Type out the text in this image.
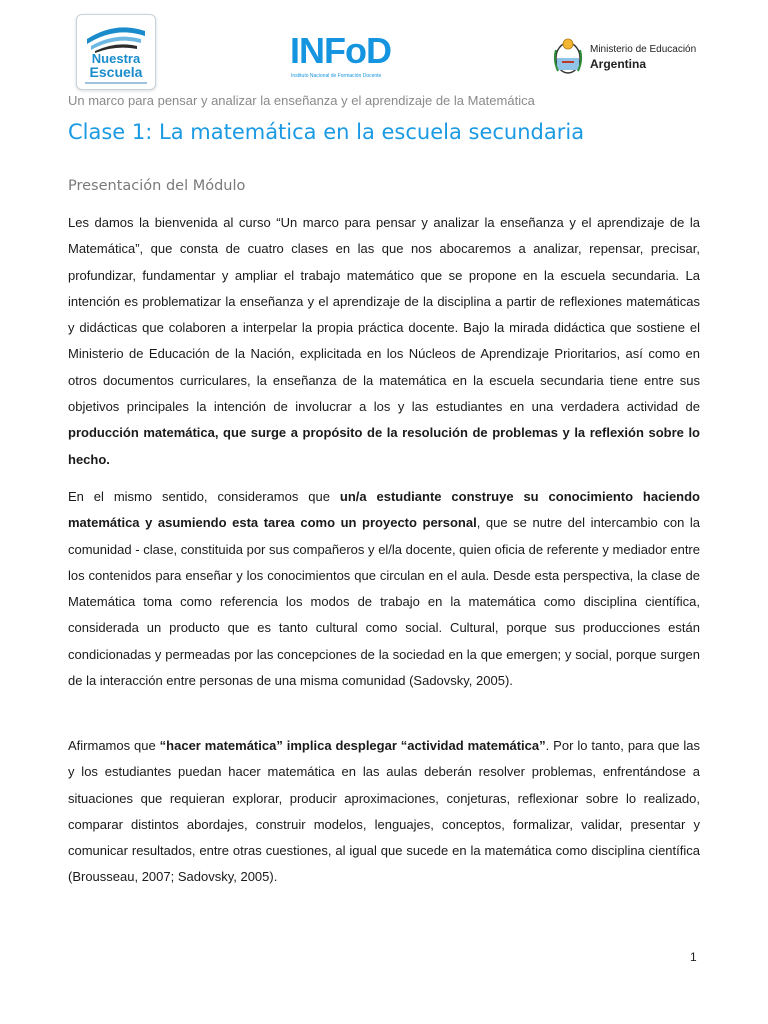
Nuestra
Escuela
INFoD
Instituto Nacional de Formación Docente
Ministerio de Educación
Argentina
Un marco para pensar y analizar la enseñanza y el aprendizaje de la Matemática
Clase 1: La matemática en la escuela secundaria
Presentación del Módulo
Les damos la bienvenida al curso “Un marco para pensar y analizar la enseñanza y el aprendizaje de la Matemática”, que consta de cuatro clases en las que nos abocaremos a analizar, repensar, precisar, profundizar, fundamentar y ampliar el trabajo matemático que se propone en la escuela secundaria. La intención es problematizar la enseñanza y el aprendizaje de la disciplina a partir de reflexiones matemáticas y didácticas que colaboren a interpelar la propia práctica docente. Bajo la mirada didáctica que sostiene el Ministerio de Educación de la Nación, explicitada en los Núcleos de Aprendizaje Prioritarios, así como en otros documentos curriculares, la enseñanza de la matemática en la escuela secundaria tiene entre sus objetivos principales la intención de involucrar a los y las estudiantes en una verdadera actividad de producción matemática, que surge a propósito de la resolución de problemas y la reflexión sobre lo hecho.
En el mismo sentido, consideramos que un/a estudiante construye su conocimiento haciendo matemática y asumiendo esta tarea como un proyecto personal, que se nutre del intercambio con la comunidad - clase, constituida por sus compañeros y el/la docente, quien oficia de referente y mediador entre los contenidos para enseñar y los conocimientos que circulan en el aula. Desde esta perspectiva, la clase de Matemática toma como referencia los modos de trabajo en la matemática como disciplina científica, considerada un producto que es tanto cultural como social. Cultural, porque sus producciones están condicionadas y permeadas por las concepciones de la sociedad en la que emergen; y social, porque surgen de la interacción entre personas de una misma comunidad (Sadovsky, 2005).
Afirmamos que “hacer matemática” implica desplegar “actividad matemática”. Por lo tanto, para que las y los estudiantes puedan hacer matemática en las aulas deberán resolver problemas, enfrentándose a situaciones que requieran explorar, producir aproximaciones, conjeturas, reflexionar sobre lo realizado, comparar distintos abordajes, construir modelos, lenguajes, conceptos, formalizar, validar, presentar y comunicar resultados, entre otras cuestiones, al igual que sucede en la matemática como disciplina científica (Brousseau, 2007; Sadovsky, 2005).
1
